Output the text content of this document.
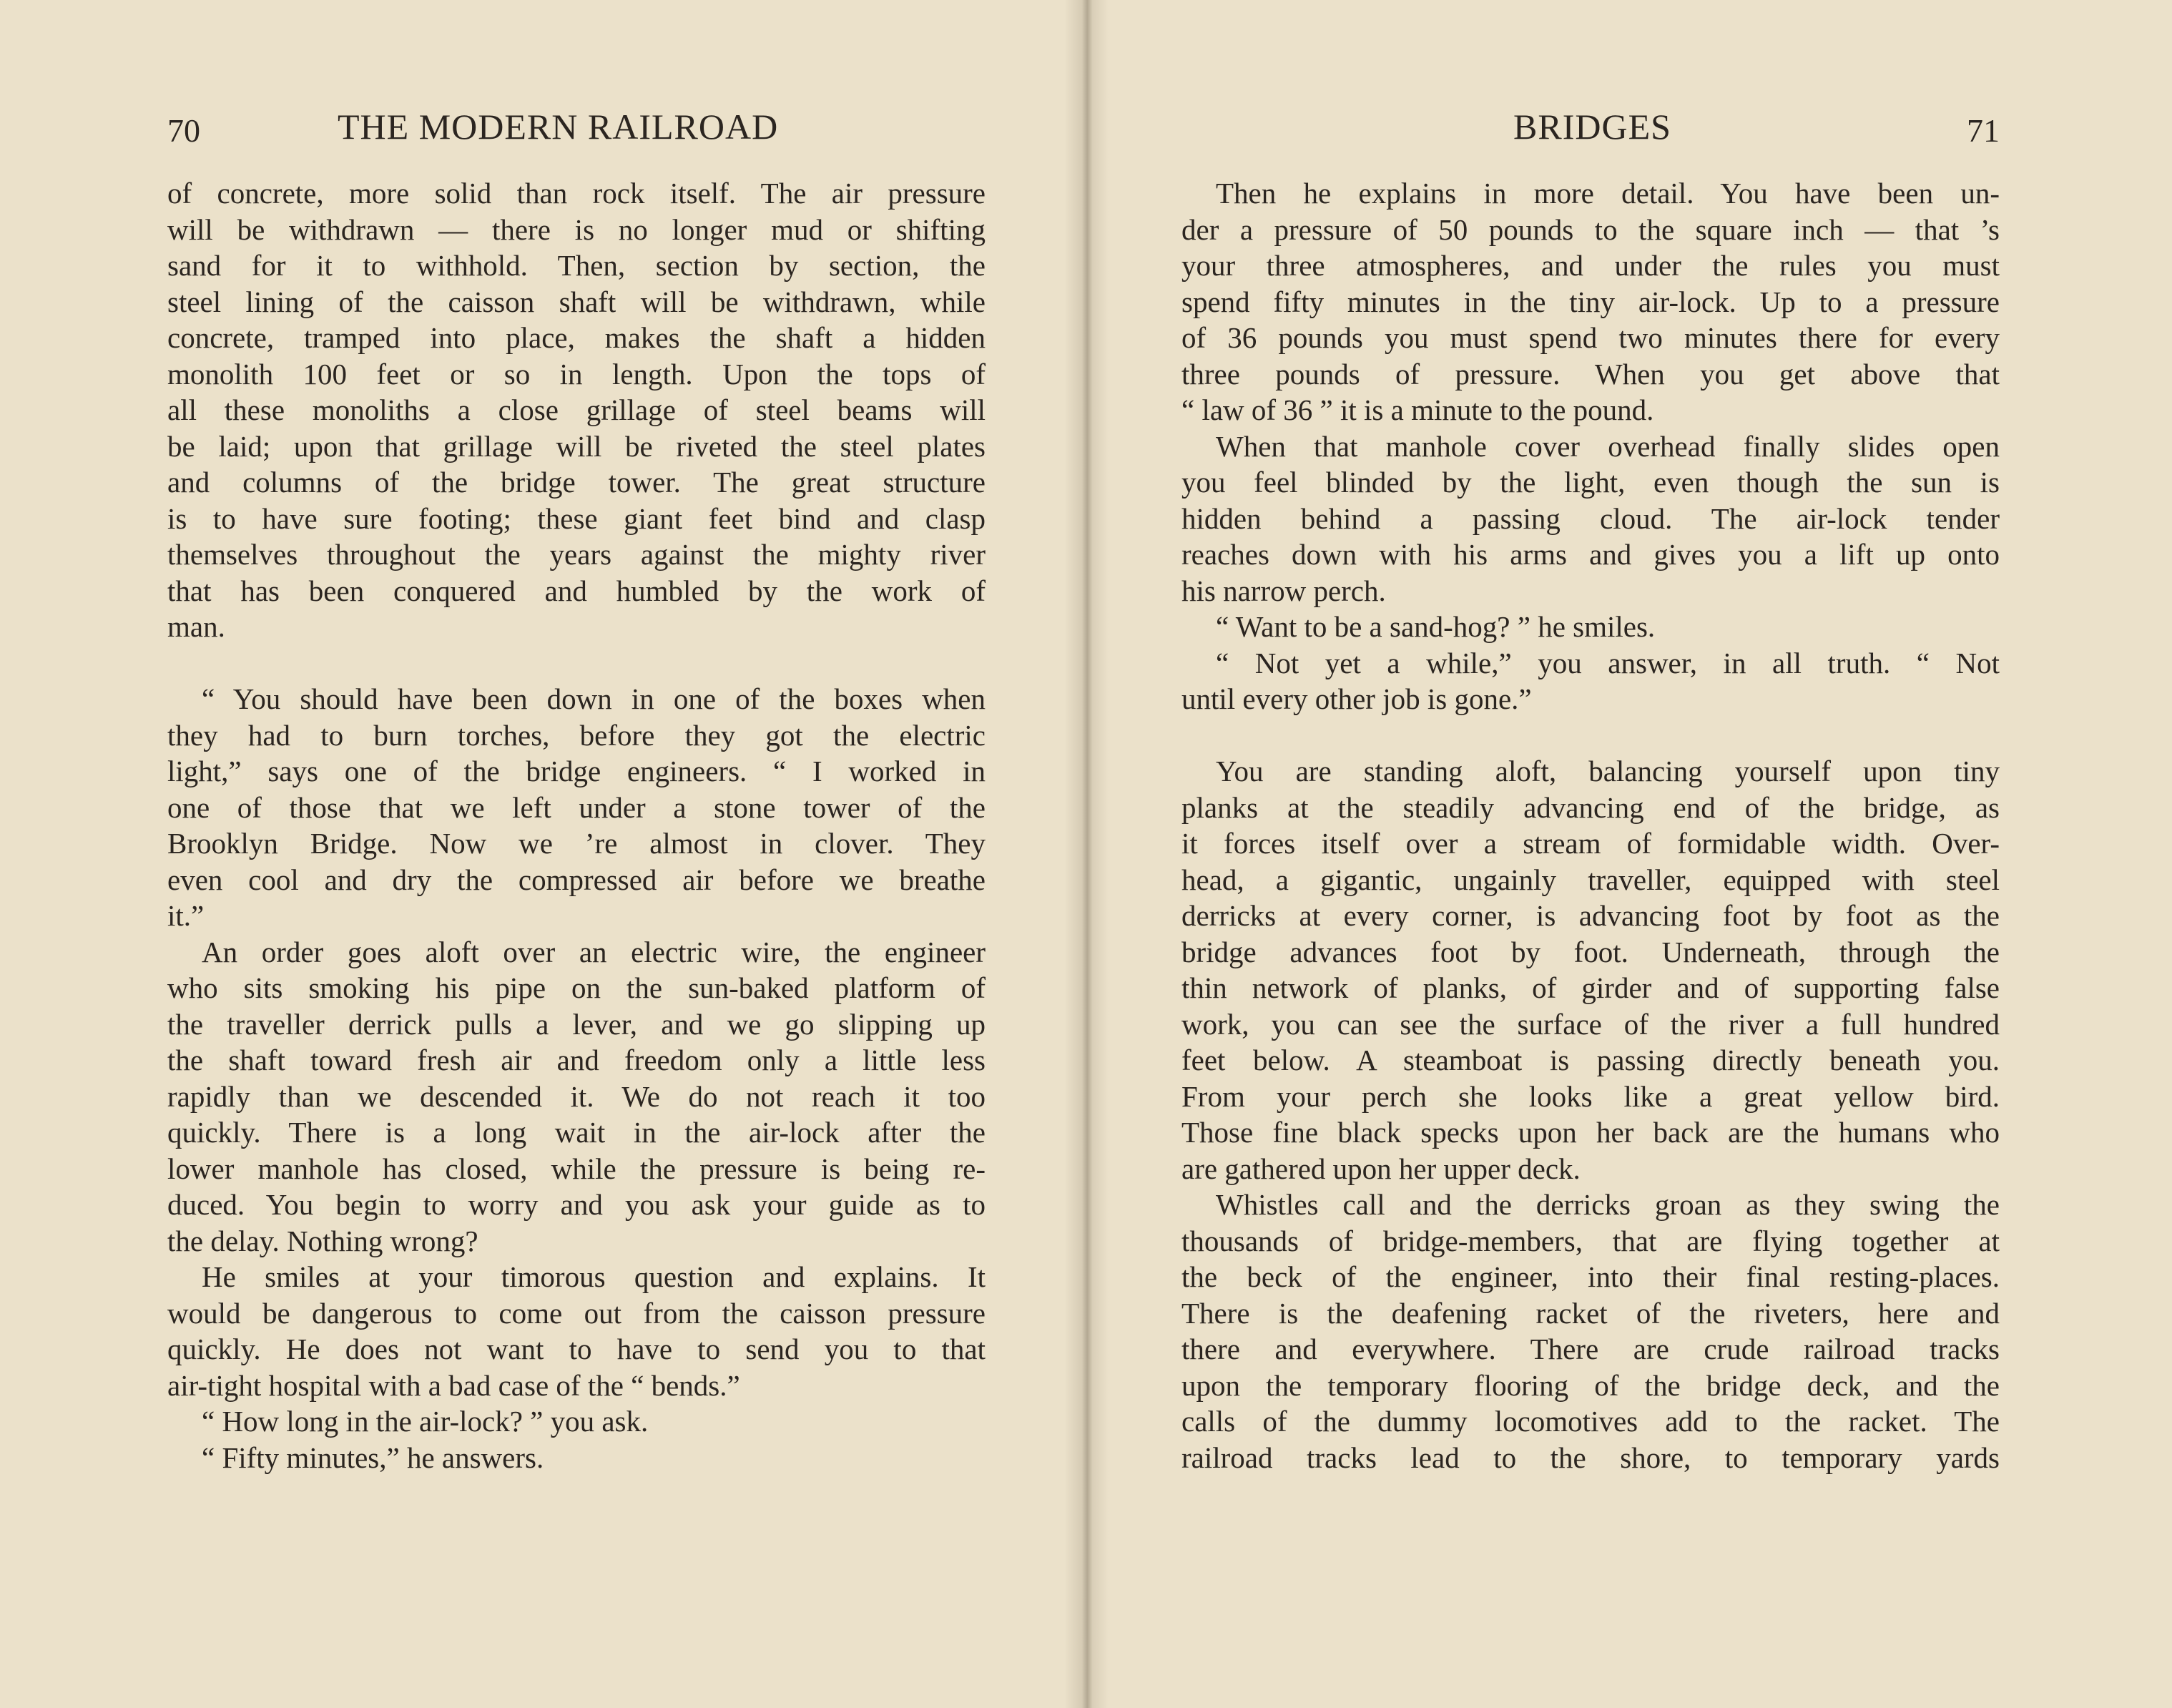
70	THE MODERN RAILROAD
of concrete, more solid than rock itself. The air pressure
will be withdrawn — there is no longer mud or shifting
sand for it to withhold. Then, section by section, the
steel lining of the caisson shaft will be withdrawn, while
concrete, tramped into place, makes the shaft a hidden
monolith 100 feet or so in length. Upon the tops of
all these monoliths a close grillage of steel beams will
be laid; upon that grillage will be riveted the steel plates
and columns of the bridge tower. The great structure
is to have sure footing; these giant feet bind and clasp
themselves throughout the years against the mighty river
that has been conquered and humbled by the work of
man.
“ You should have been down in one of the boxes when
they had to burn torches, before they got the electric
light,” says one of the bridge engineers. “ I worked in
one of those that we left under a stone tower of the
Brooklyn Bridge. Now we ’re almost in clover. They
even cool and dry the compressed air before we breathe
it.”
An order goes aloft over an electric wire, the engineer
who sits smoking his pipe on the sun-baked platform of
the traveller derrick pulls a lever, and we go slipping up
the shaft toward fresh air and freedom only a little less
rapidly than we descended it. We do not reach it too
quickly. There is a long wait in the air-lock after the
lower manhole has closed, while the pressure is being re-
duced. You begin to worry and you ask your guide as to
the delay. Nothing wrong?
He smiles at your timorous question and explains. It
would be dangerous to come out from the caisson pressure
quickly. He does not want to have to send you to that
air-tight hospital with a bad case of the “ bends.”
“ How long in the air-lock? ” you ask.
“ Fifty minutes,” he answers.
BRIDGES	71
Then he explains in more detail. You have been un-
der a pressure of 50 pounds to the square inch — that ’s
your three atmospheres, and under the rules you must
spend fifty minutes in the tiny air-lock. Up to a pressure
of 36 pounds you must spend two minutes there for every
three pounds of pressure. When you get above that
“ law of 36 ” it is a minute to the pound.
When that manhole cover overhead finally slides open
you feel blinded by the light, even though the sun is
hidden behind a passing cloud. The air-lock tender
reaches down with his arms and gives you a lift up onto
his narrow perch.
“ Want to be a sand-hog? ” he smiles.
“ Not yet a while,” you answer, in all truth. “ Not
until every other job is gone.”
You are standing aloft, balancing yourself upon tiny
planks at the steadily advancing end of the bridge, as
it forces itself over a stream of formidable width. Over-
head, a gigantic, ungainly traveller, equipped with steel
derricks at every corner, is advancing foot by foot as the
bridge advances foot by foot. Underneath, through the
thin network of planks, of girder and of supporting false
work, you can see the surface of the river a full hundred
feet below. A steamboat is passing directly beneath you.
From your perch she looks like a great yellow bird.
Those fine black specks upon her back are the humans who
are gathered upon her upper deck.
Whistles call and the derricks groan as they swing the
thousands of bridge-members, that are flying together at
the beck of the engineer, into their final resting-places.
There is the deafening racket of the riveters, here and
there and everywhere. There are crude railroad tracks
upon the temporary flooring of the bridge deck, and the
calls of the dummy locomotives add to the racket. The
railroad tracks lead to the shore, to temporary yards
